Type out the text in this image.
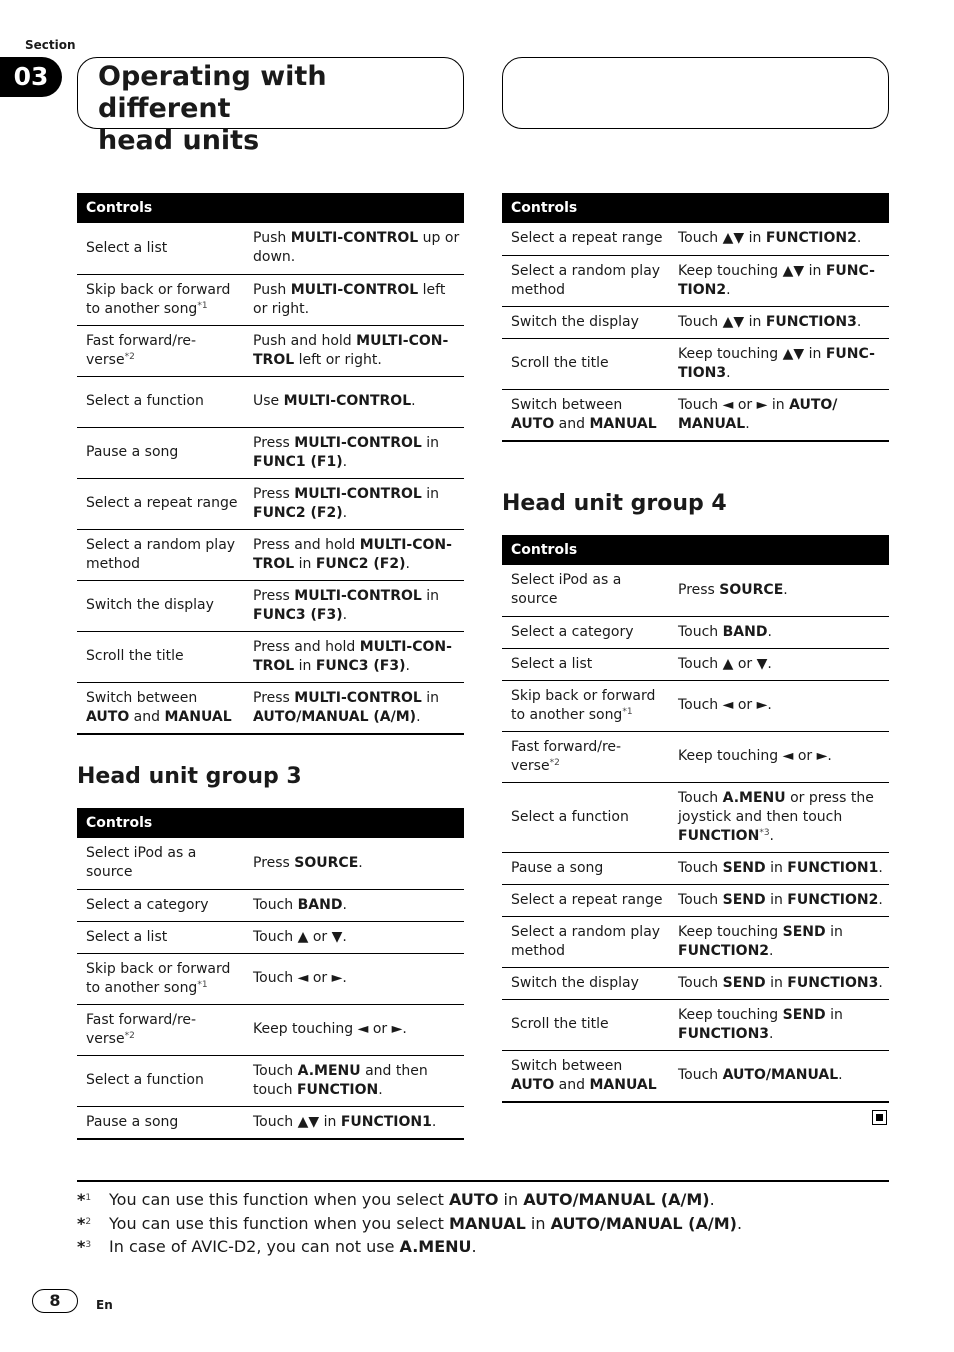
Section
03	Operating with different
head units
Controls	
Select a list	Push MULTI-CONTROL up or down.
Skip back or forward to another song$^{*1}$	Push MULTI-CONTROL left or right.
Fast forward/re-verse$^{*2}$	Push and hold MULTI-CON-TROL left or right.
Select a function	Use MULTI-CONTROL.
Pause a song	Press MULTI-CONTROL in FUNC1 (F1).
Select a repeat range	Press MULTI-CONTROL in FUNC2 (F2).
Select a random play method	Press and hold MULTI-CON-TROL in FUNC2 (F2).
Switch the display	Press MULTI-CONTROL in FUNC3 (F3).
Scroll the title	Press and hold MULTI-CON-TROL in FUNC3 (F3).
Switch between AUTO and MANUAL	Press MULTI-CONTROL in AUTO/MANUAL (A/M).
Head unit group 3
Controls	
Select iPod as a source	Press SOURCE.
Select a category	Touch BAND.
Select a list	Touch ▲ or ▼.
Skip back or forward to another song$^{*1}$	Touch ◄ or ►.
Fast forward/re-verse$^{*2}$	Keep touching ◄ or ►.
Select a function	Touch A.MENU and then touch FUNCTION.
Pause a song	Touch ▲▼ in FUNCTION1.
Controls	
Select a repeat range	Touch ▲▼ in FUNCTION2.
Select a random play method	Keep touching ▲▼ in FUNC-TION2.
Switch the display	Touch ▲▼ in FUNCTION3.
Scroll the title	Keep touching ▲▼ in FUNC-TION3.
Switch between AUTO and MANUAL	Touch ◄ or ► in AUTO/ MANUAL.
Head unit group 4
Controls	
Select iPod as a source	Press SOURCE.
Select a category	Touch BAND.
Select a list	Touch ▲ or ▼.
Skip back or forward to another song$^{*1}$	Touch ◄ or ►.
Fast forward/re-verse$^{*2}$	Keep touching ◄ or ►.
Select a function	Touch A.MENU or press the joystick and then touch FUNCTION$^{*3}$.
Pause a song	Touch SEND in FUNCTION1.
Select a repeat range	Touch SEND in FUNCTION2.
Select a random play method	Keep touching SEND in FUNCTION2.
Switch the display	Touch SEND in FUNCTION3.
Scroll the title	Keep touching SEND in FUNCTION3.
Switch between AUTO and MANUAL	Touch AUTO/MANUAL.
*$^1$ You can use this function when you select AUTO in AUTO/MANUAL (A/M).
*$^2$ You can use this function when you select MANUAL in AUTO/MANUAL (A/M).
*$^3$ In case of AVIC-D2, you can not use A.MENU.
8	En
